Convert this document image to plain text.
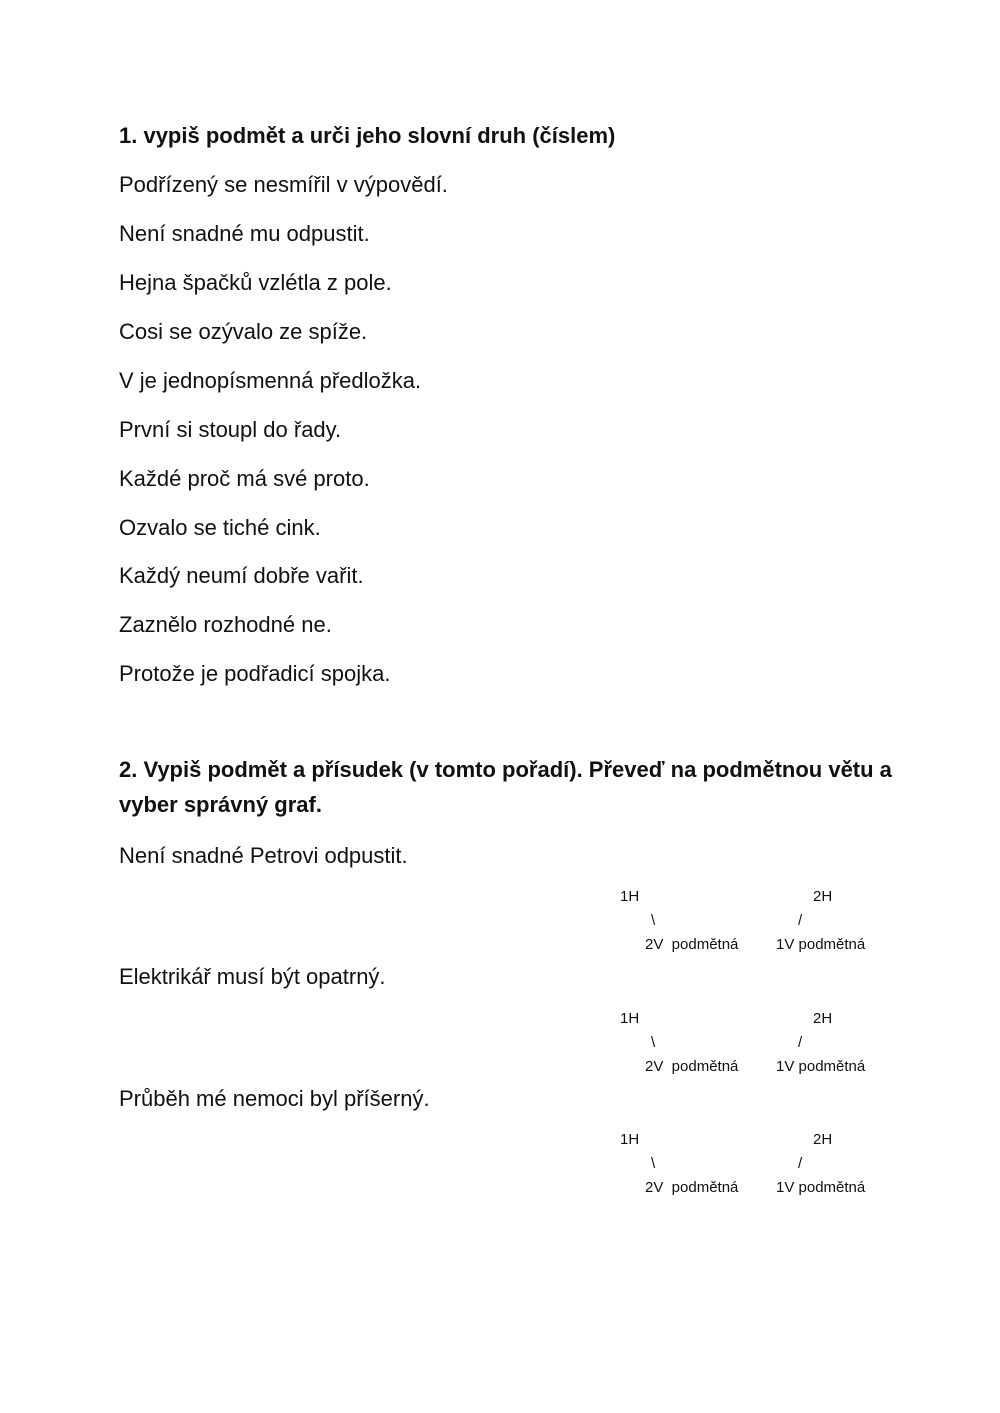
1. vypiš podmět a urči jeho slovní druh (číslem)
Podřízený se nesmířil v výpovědí.
Není snadné mu odpustit.
Hejna špačků vzlétla z pole.
Cosi se ozývalo ze spíže.
V je jednopísmenná předložka.
První si stoupl do řady.
Každé proč má své proto.
Ozvalo se tiché cink.
Každý neumí dobře vařit.
Zaznělo rozhodné ne.
Protože je podřadicí spojka.
2. Vypiš podmět a přísudek (v tomto pořadí). Převeď na podmětnou větu a vyber správný graf.
Není snadné Petrovi odpustit.
1H	2H
\	/
2V  podmětná	1V podmětná
Elektrikář musí být opatrný.
1H	2H
\	/
2V  podmětná	1V podmětná
Průběh mé nemoci byl příšerný.
1H	2H
\	/
2V  podmětná	1V podmětná
